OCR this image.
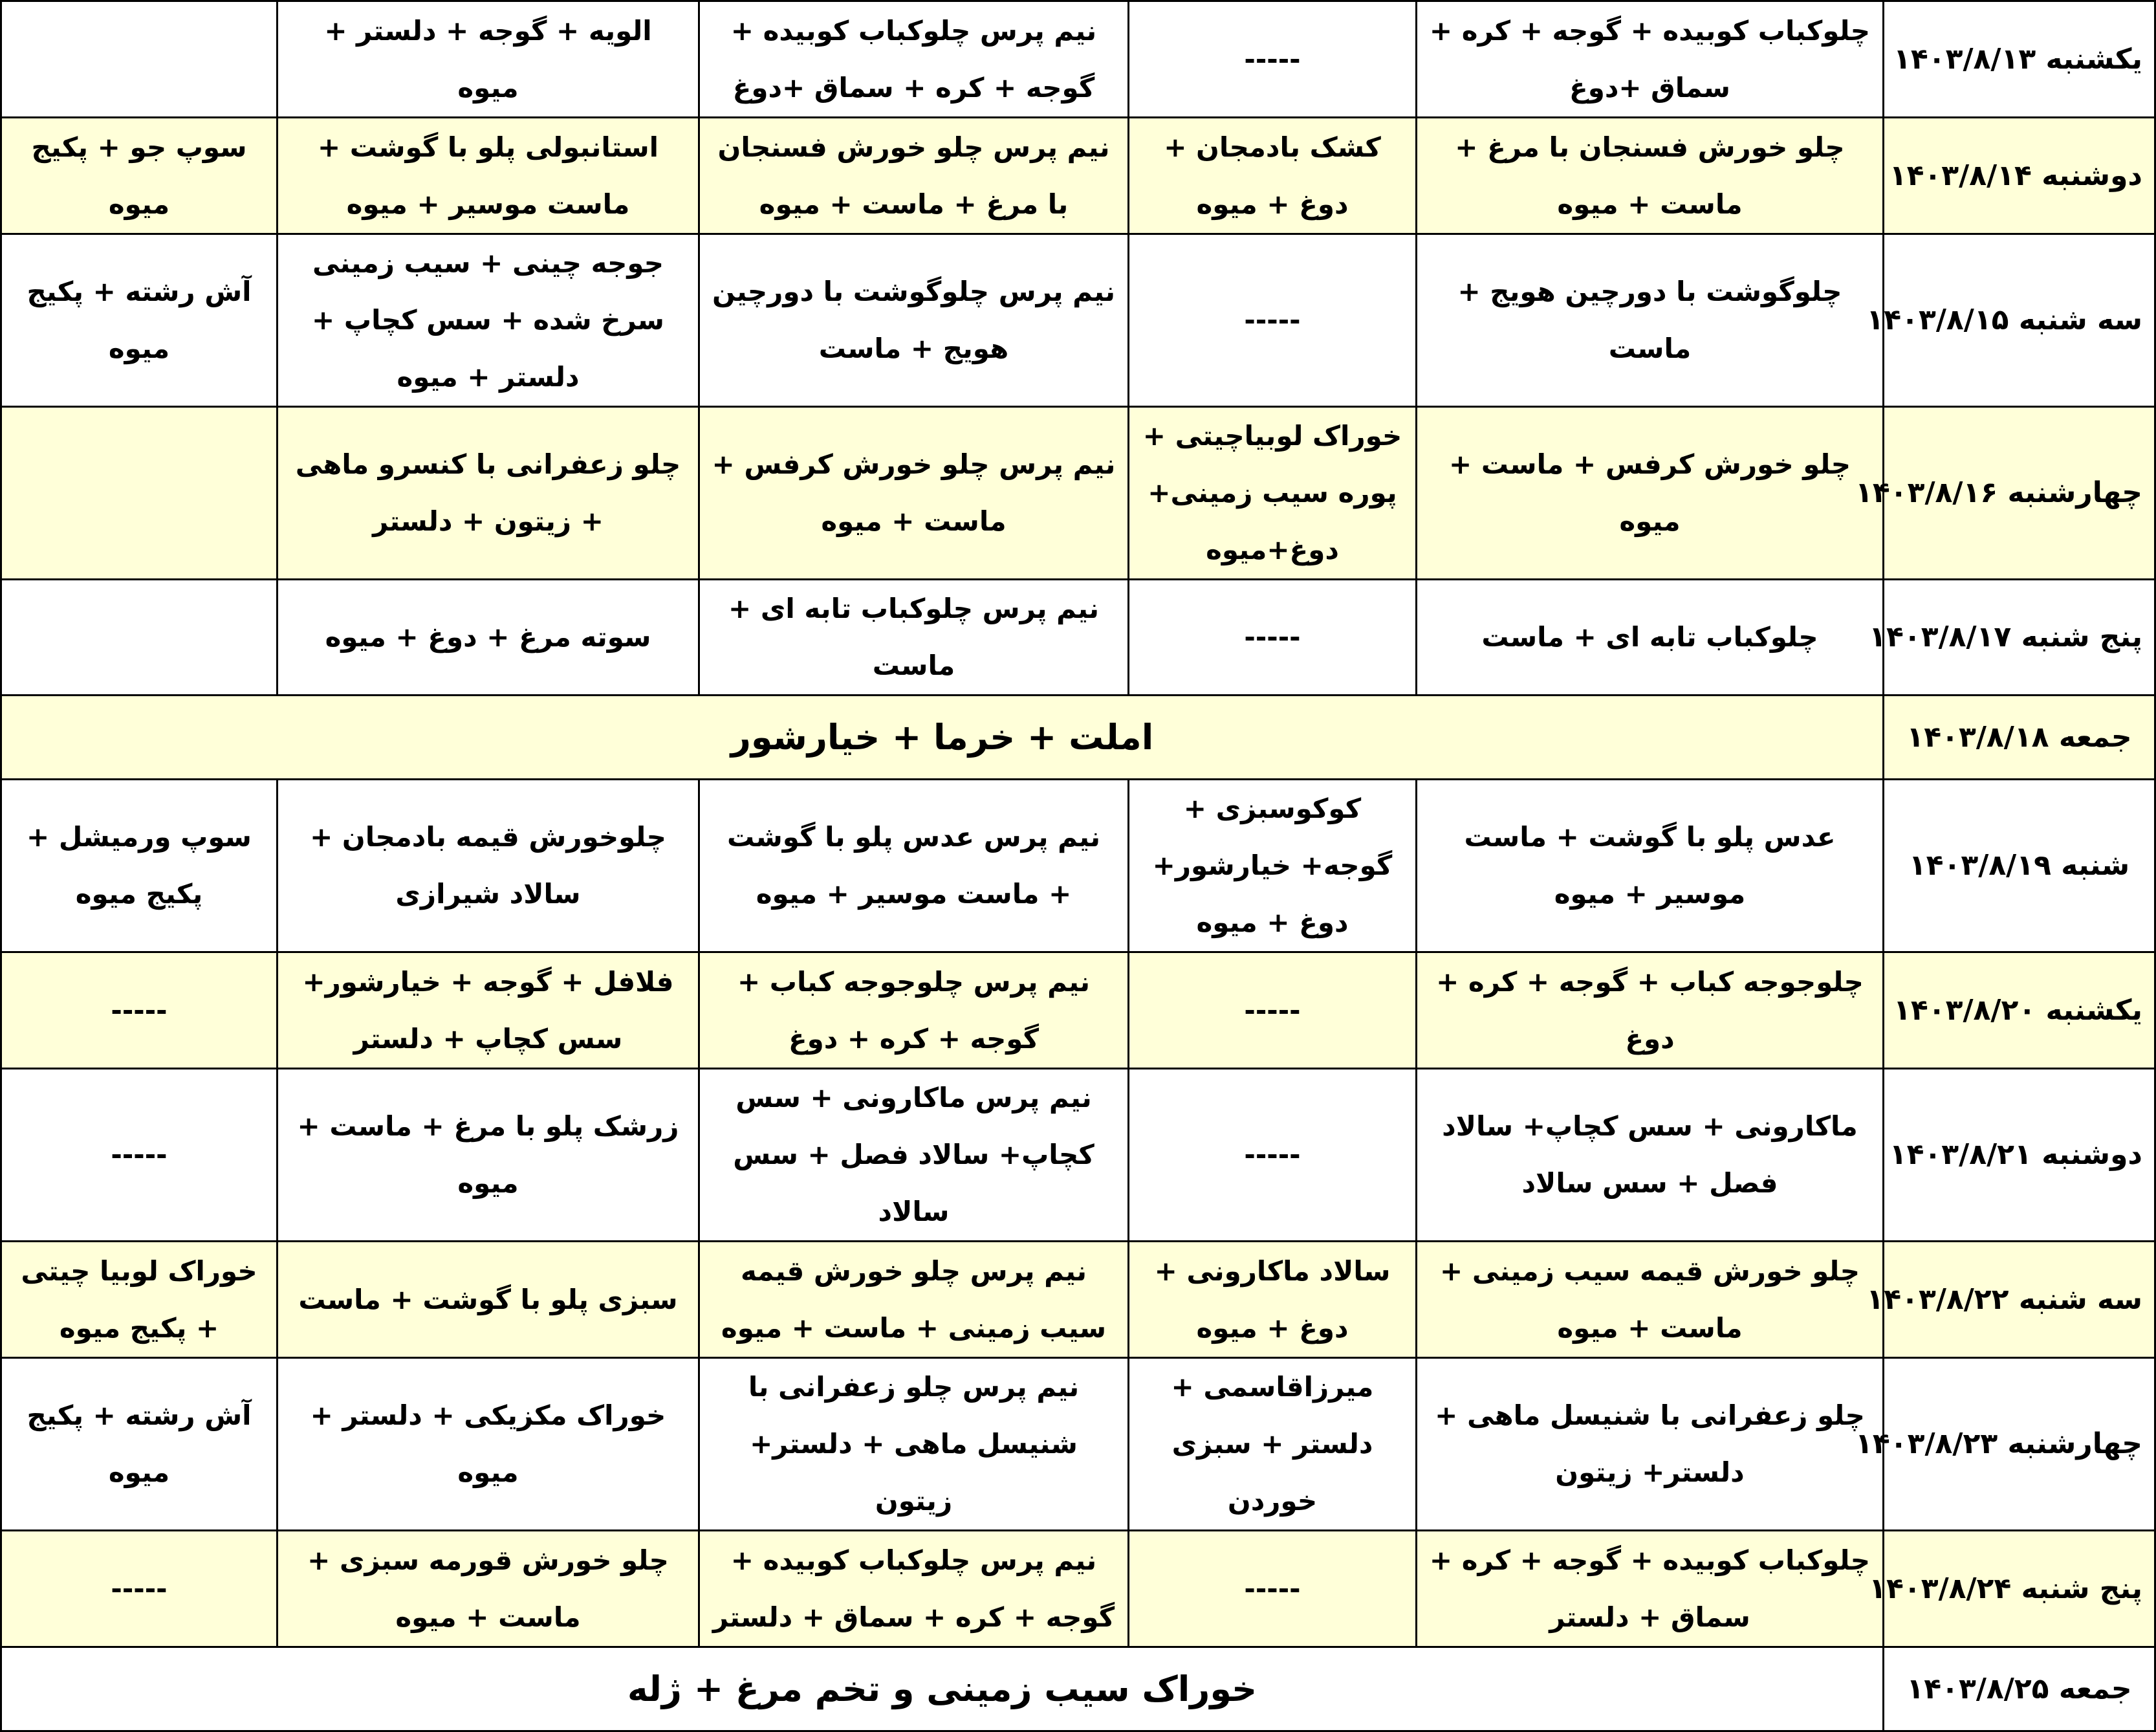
یکشنبه ۱۴۰۳/۸/۱۳	چلوکباب کوبیده + گوجه + کره + سماق +دوغ	-----	نیم پرس چلوکباب کوبیده + گوجه + کره + سماق +دوغ	الویه + گوجه + دلستر + میوه	
دوشنبه ۱۴۰۳/۸/۱۴	چلو خورش فسنجان با مرغ + ماست + میوه	کشک بادمجان + دوغ + میوه	نیم پرس چلو خورش فسنجان با مرغ + ماست + میوه	استانبولی پلو با گوشت + ماست موسیر + میوه	سوپ جو + پکیج میوه
سه شنبه ۱۴۰۳/۸/۱۵	چلوگوشت با دورچین هویج + ماست	-----	نیم پرس چلوگوشت با دورچین هویج + ماست	جوجه چینی + سیب زمینی سرخ شده + سس کچاپ + دلستر + میوه	آش رشته + پکیج میوه
چهارشنبه ۱۴۰۳/۸/۱۶	چلو خورش کرفس + ماست + میوه	خوراک لوبیاچیتی + پوره سیب زمینی+ دوغ+میوه	نیم پرس چلو خورش کرفس + ماست + میوه	چلو زعفرانی با کنسرو ماهی + زیتون + دلستر	
پنج شنبه ۱۴۰۳/۸/۱۷	چلوکباب تابه ای + ماست	-----	نیم پرس چلوکباب تابه ای + ماست	سوته مرغ + دوغ + میوه	
جمعه ۱۴۰۳/۸/۱۸	املت + خرما + خیارشور				
شنبه ۱۴۰۳/۸/۱۹	عدس پلو با گوشت + ماست موسیر + میوه	کوکوسبزی + گوجه+ خیارشور+ دوغ + میوه	نیم پرس عدس پلو با گوشت + ماست موسیر + میوه	چلوخورش قیمه بادمجان + سالاد شیرازی	سوپ ورمیشل + پکیج میوه
یکشنبه ۱۴۰۳/۸/۲۰	چلوجوجه کباب + گوجه + کره + دوغ	-----	نیم پرس چلوجوجه کباب + گوجه + کره + دوغ	فلافل + گوجه + خیارشور+ سس کچاپ + دلستر	-----
دوشنبه ۱۴۰۳/۸/۲۱	ماکارونی + سس کچاپ+ سالاد فصل + سس سالاد	-----	نیم پرس ماکارونی + سس کچاپ+ سالاد فصل + سس سالاد	زرشک پلو با مرغ + ماست + میوه	-----
سه شنبه ۱۴۰۳/۸/۲۲	چلو خورش قیمه سیب زمینی + ماست + میوه	سالاد ماکارونی + دوغ + میوه	نیم پرس چلو خورش قیمه سیب زمینی + ماست + میوه	سبزی پلو با گوشت + ماست	خوراک لوبیا چیتی + پکیج میوه
چهارشنبه ۱۴۰۳/۸/۲۳	چلو زعفرانی با شنیسل ماهی + دلستر+ زیتون	میرزاقاسمی + دلستر + سبزی خوردن	نیم پرس چلو زعفرانی با شنیسل ماهی + دلستر+ زیتون	خوراک مکزیکی + دلستر + میوه	آش رشته + پکیج میوه
پنج شنبه ۱۴۰۳/۸/۲۴	چلوکباب کوبیده + گوجه + کره + سماق + دلستر	-----	نیم پرس چلوکباب کوبیده + گوجه + کره + سماق + دلستر	چلو خورش قورمه سبزی + ماست + میوه	-----
جمعه ۱۴۰۳/۸/۲۵	خوراک سیب زمینی و تخم مرغ + ژله				
